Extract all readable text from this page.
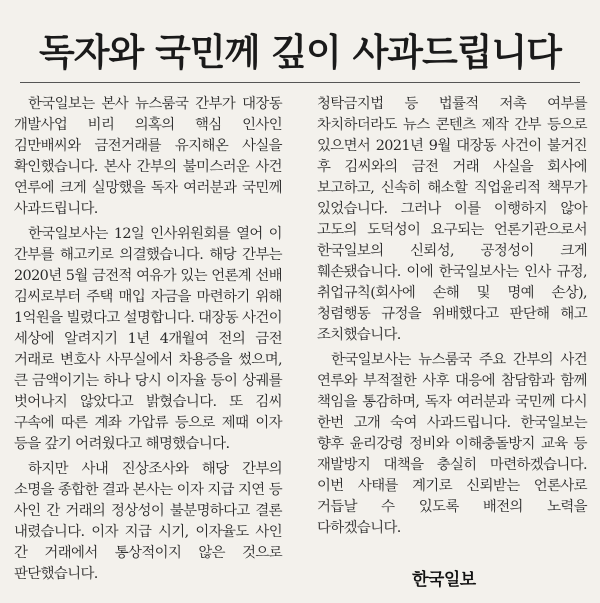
독자와 국민께 깊이 사과드립니다

한국일보는 본사 뉴스룸국 간부가 대장동 개발사업 비리 의혹의 핵심 인사인 김만배씨와 금전거래를 유지해온 사실을 확인했습니다. 본사 간부의 불미스러운 사건 연루에 크게 실망했을 독자 여러분과 국민께 사과드립니다.

한국일보사는 12일 인사위원회를 열어 이 간부를 해고키로 의결했습니다. 해당 간부는 2020년 5월 금전적 여유가 있는 언론계 선배 김씨로부터 주택 매입 자금을 마련하기 위해 1억원을 빌렸다고 설명합니다. 대장동 사건이 세상에 알려지기 1년 4개월여 전의 금전 거래로 변호사 사무실에서 차용증을 썼으며, 큰 금액이기는 하나 당시 이자율 등이 상궤를 벗어나지 않았다고 밝혔습니다. 또 김씨 구속에 따른 계좌 가압류 등으로 제때 이자 등을 갚기 어려웠다고 해명했습니다.

하지만 사내 진상조사와 해당 간부의 소명을 종합한 결과 본사는 이자 지급 지연 등 사인 간 거래의 정상성이 불분명하다고 결론 내렸습니다. 이자 지급 시기, 이자율도 사인 간 거래에서 통상적이지 않은 것으로 판단했습니다.

청탁금지법 등 법률적 저촉 여부를 차치하더라도 뉴스 콘텐츠 제작 간부 등으로 있으면서 2021년 9월 대장동 사건이 불거진 후 김씨와의 금전 거래 사실을 회사에 보고하고, 신속히 해소할 직업윤리적 책무가 있었습니다. 그러나 이를 이행하지 않아 고도의 도덕성이 요구되는 언론기관으로서 한국일보의 신뢰성, 공정성이 크게 훼손됐습니다. 이에 한국일보사는 인사 규정, 취업규칙(회사에 손해 및 명예 손상), 청렴행동 규정을 위배했다고 판단해 해고 조치했습니다.

한국일보사는 뉴스룸국 주요 간부의 사건 연루와 부적절한 사후 대응에 참담함과 함께 책임을 통감하며, 독자 여러분과 국민께 다시 한번 고개 숙여 사과드립니다. 한국일보는 향후 윤리강령 정비와 이해충돌방지 교육 등 재발방지 대책을 충실히 마련하겠습니다. 이번 사태를 계기로 신뢰받는 언론사로 거듭날 수 있도록 배전의 노력을 다하겠습니다.

한국일보
